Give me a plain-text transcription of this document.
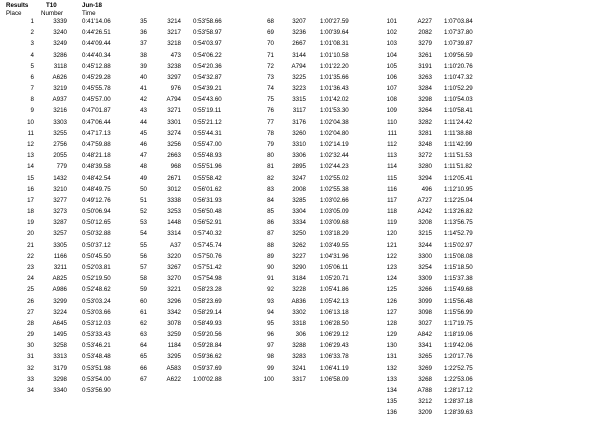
Results	T10	Jun-18
Place	Number	Time
1	3339 0:41'14.06
2	3240 0:44'26.51
3	3249 0:44'09.44
4	3286 0:44'40.34
5	3118 0:45'12.88
6	A626 0:45'29.28
7	3219 0:45'55.78
8	A937 0:45'57.00
9	3216 0:47'01.87
10	3303 0:47'06.44
11	3255 0:47'17.13
12	2756 0:47'59.88
13	2055 0:48'21.18
14	779 0:48'39.58
15	1432 0:48'42.54
16	3210 0:48'49.75
17	3277 0:49'12.76
18	3273 0:50'06.94
19	3287 0:50'12.65
20	3257 0:50'32.88
21	3305 0:50'37.12
22	1166 0:50'45.50
23	3211 0:52'03.81
24	A825 0:52'19.50
25	A986 0:52'48.62
26	3299 0:53'03.24
27	3224 0:53'03.66
28	A645 0:53'12.03
29	1495 0:53'33.43
30	3258 0:53'46.21
31	3313 0:53'48.48
32	3179 0:53'51.98
33	3298 0:53'54.00
34	3340 0:53'56.90
35	3214 0:53'58.66
36	3217 0:53'58.97
37	3218 0:54'03.97
38	473 0:54'06.22
39	3238 0:54'20.36
40	3297 0:54'32.87
41	976 0:54'39.21
42	A794 0:54'43.60
43	3271 0:55'19.11
44	3301 0:55'21.12
45	3274 0:55'44.31
46	3256 0:55'47.00
47	2663 0:55'48.93
48	968 0:55'51.96
49	2671 0:55'58.42
50	3012 0:56'01.62
51	3338 0:56'31.93
52	3253 0:56'50.48
53	1448 0:56'52.91
54	3314 0:57'40.32
55	A37 0:57'45.74
56	3220 0:57'50.76
57	3267 0:57'51.42
58	3270 0:57'54.98
59	3221 0:58'23.28
60	3296 0:58'23.69
61	3342 0:58'29.14
62	3078 0:58'49.93
63	3259 0:59'20.56
64	1184 0:59'28.84
65	3295 0:59'36.62
66	A583 0:59'37.69
67	A622 1:00'02.88
68	3207 1:00'27.59
69	3236 1:00'39.64
70	2667 1:01'08.31
71	3144 1:01'10.58
72	A794 1:01'22.20
73	3225 1:01'35.66
74	3223 1:01'36.43
75	3315 1:01'42.02
76	3117 1:01'53.30
77	3176 1:02'04.38
78	3260 1:02'04.80
79	3310 1:02'14.19
80	3306 1:02'32.44
81	2895 1:02'44.23
82	3247 1:02'55.02
83	2008 1:02'55.38
84	3285 1:03'02.66
85	3304 1:03'05.09
86	3334 1:03'09.68
87	3250 1:03'18.29
88	3262 1:03'49.55
89	3227 1:04'31.96
90	3290 1:05'06.11
91	3184 1:05'20.71
92	3228 1:05'41.86
93	A836 1:05'42.13
94	3302 1:06'13.18
95	3318 1:06'28.50
96	306 1:06'29.12
97	3288 1:06'29.43
98	3283 1:06'33.78
99	3241 1:06'41.19
100	3317 1:06'58.09
101	A227 1:07'03.84
102	2082 1:07'37.80
103	3279 1:07'39.87
104	3261 1:09'56.59
105	3191 1:10'20.76
106	3263 1:10'47.32
107	3284 1:10'52.29
108	3298 1:10'54.03
109	3264 1:10'58.41
110	3282 1:11'24.42
111	3281 1:11'38.88
112	3248 1:11'42.99
113	3272 1:11'51.53
114	3280 1:11'51.82
115	3294 1:12'05.41
116	496 1:12'10.95
117	A727 1:12'25.04
118	A242 1:13'26.82
119	3208 1:13'56.75
120	3215 1:14'52.79
121	3244 1:15'02.97
122	3300 1:15'08.08
123	3254 1:15'18.50
124	3309 1:15'37.38
125	3266 1:15'49.68
126	3099 1:15'56.48
127	3098 1:15'56.99
128	3027 1:17'19.75
129	A842 1:18'19.06
130	3341 1:19'42.06
131	3265 1:20'17.76
132	3269 1:22'52.75
133	3268 1:22'53.06
134	A788 1:28'17.12
135	3212 1:28'37.18
136	3209 1:28'39.63
